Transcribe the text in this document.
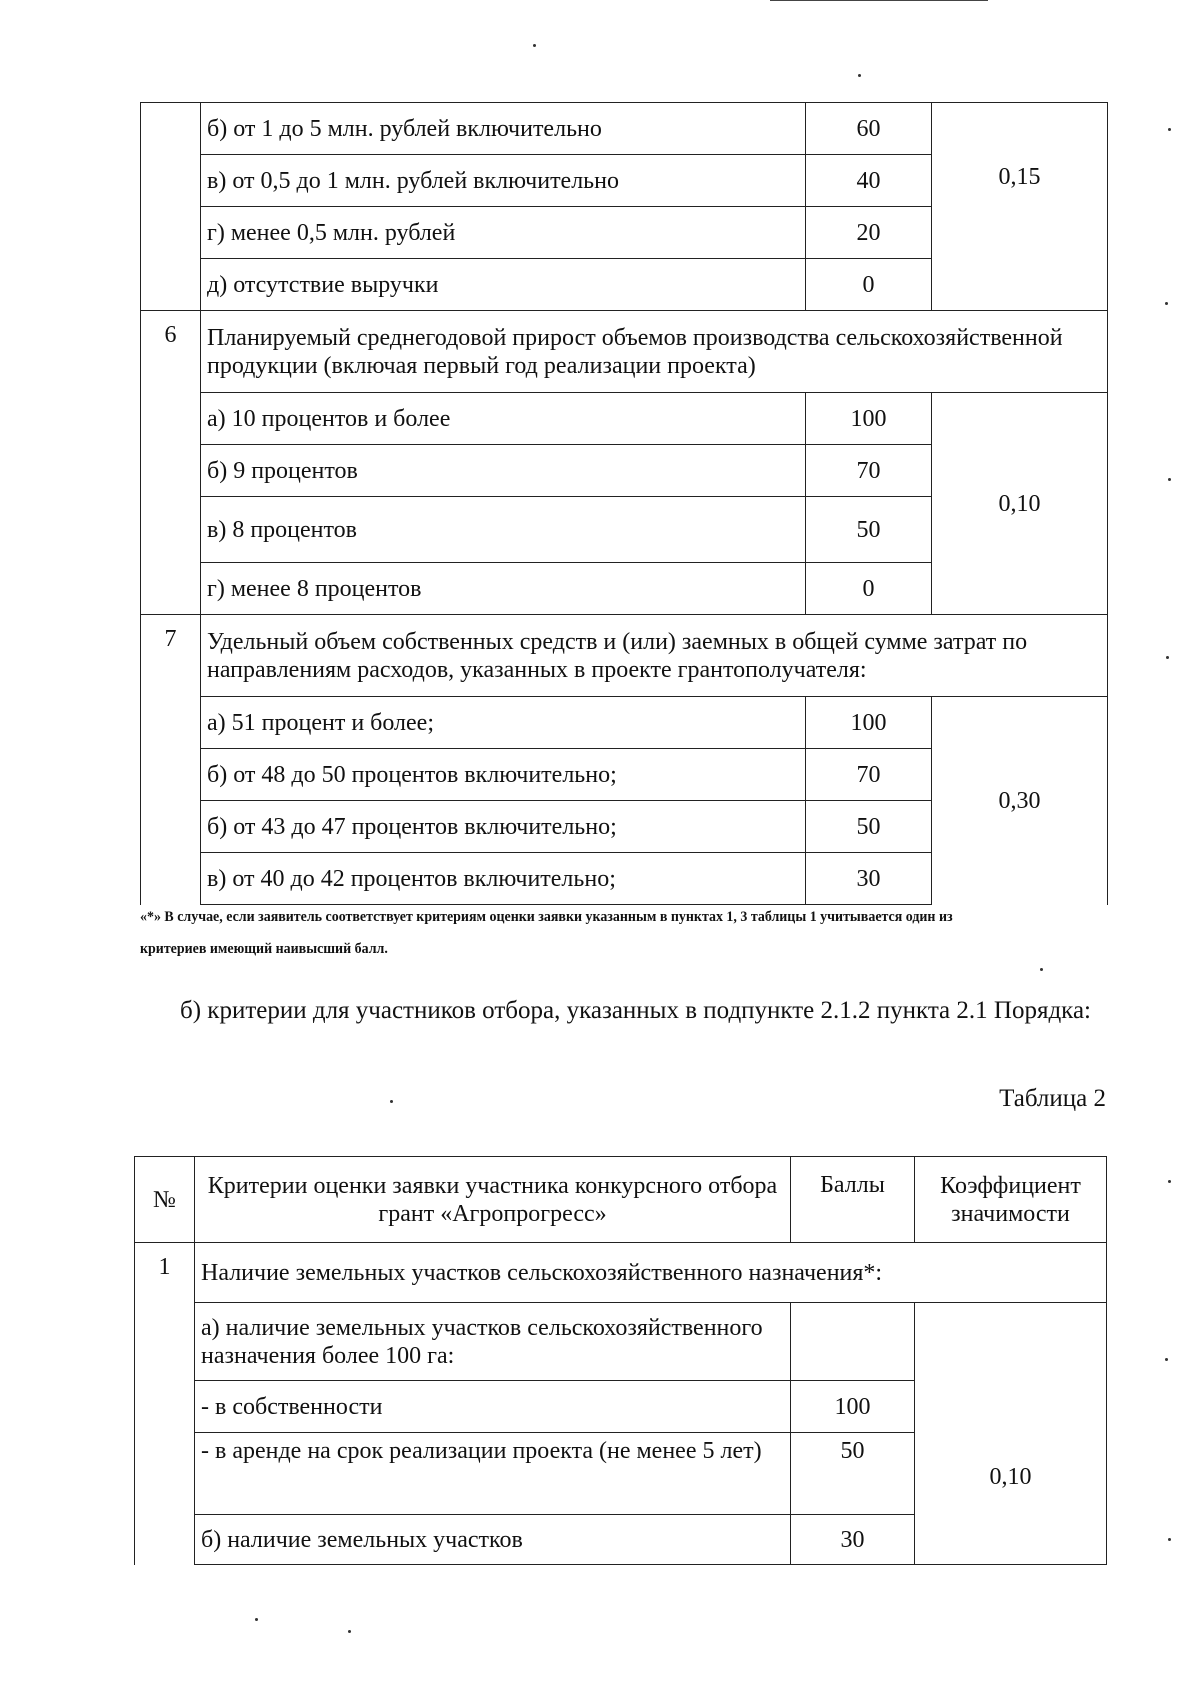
	б) от 1 до 5 млн. рублей включительно	60	0,15
	в) от 0,5 до 1 млн. рублей включительно	40	
	г) менее 0,5 млн. рублей	20	
	д) отсутствие выручки	0	
6	Планируемый среднегодовой прирост объемов производства сельскохозяйственной продукции (включая первый год реализации проекта)		
	а) 10 процентов и более	100	0,10
	б) 9 процентов	70	
	в) 8 процентов	50	
	г) менее 8 процентов	0	
7	Удельный объем собственных средств и (или) заемных в общей сумме затрат по направлениям расходов, указанных в проекте грантополучателя:		
	а) 51 процент и более;	100	0,30
	б) от 48 до 50 процентов включительно;	70	
	б) от 43 до 47 процентов включительно;	50	
	в) от 40 до 42 процентов включительно;	30	
«*» В случае, если заявитель соответствует критериям оценки заявки указанным в пунктах 1, 3 таблицы 1 учитывается один из
критериев имеющий наивысший балл.
б) критерии для участников отбора, указанных в подпункте 2.1.2 пункта 2.1 Порядка:
Таблица 2
№	Критерии оценки заявки участника конкурсного отбора грант «Агропрогресс»	Баллы	Коэффициент значимости
1	Наличие земельных участков сельскохозяйственного назначения*:		
	а) наличие земельных участков сельскохозяйственного назначения более 100 га:		0,10
	- в собственности	100	
	- в аренде на срок реализации проекта (не менее 5 лет)	50	
	б) наличие земельных участков	30	
